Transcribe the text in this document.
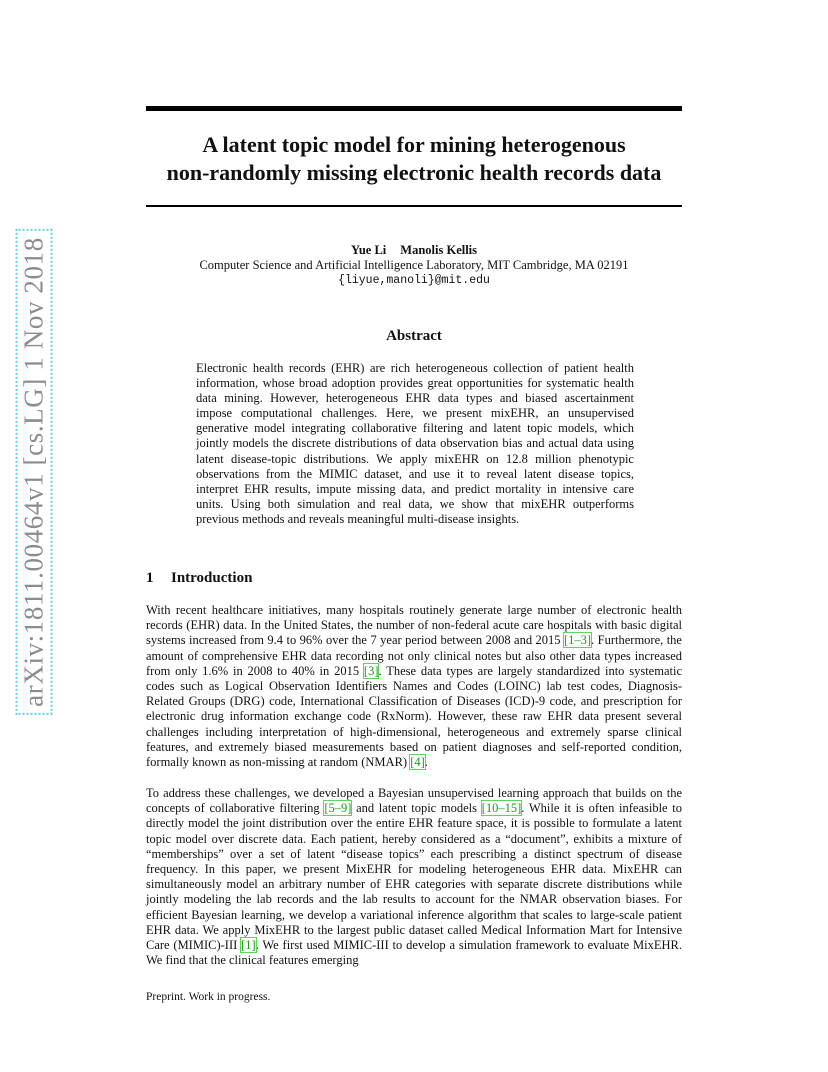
arXiv:1811.00464v1 [cs.LG] 1 Nov 2018
A latent topic model for mining heterogenous
non-randomly missing electronic health records data
Yue Li Manolis Kellis
Computer Science and Artificial Intelligence Laboratory, MIT Cambridge, MA 02191
{liyue,manoli}@mit.edu
Abstract
Electronic health records (EHR) are rich heterogeneous collection of patient health information, whose broad adoption provides great opportunities for systematic health data mining. However, heterogeneous EHR data types and biased ascertainment impose computational challenges. Here, we present mixEHR, an unsupervised generative model integrating collaborative filtering and latent topic models, which jointly models the discrete distributions of data observation bias and actual data using latent disease-topic distributions. We apply mixEHR on 12.8 million phenotypic observations from the MIMIC dataset, and use it to reveal latent disease topics, interpret EHR results, impute missing data, and predict mortality in intensive care units. Using both simulation and real data, we show that mixEHR outperforms previous methods and reveals meaningful multi-disease insights.
1 Introduction

With recent healthcare initiatives, many hospitals routinely generate large number of electronic health records (EHR) data. In the United States, the number of non-federal acute care hospitals with basic digital systems increased from 9.4 to 96% over the 7 year period between 2008 and 2015 [1–3]. Furthermore, the amount of comprehensive EHR data recording not only clinical notes but also other data types increased from only 1.6% in 2008 to 40% in 2015 [3]. These data types are largely standardized into systematic codes such as Logical Observation Identifiers Names and Codes (LOINC) lab test codes, Diagnosis-Related Groups (DRG) code, International Classification of Diseases (ICD)-9 code, and prescription for electronic drug information exchange code (RxNorm). However, these raw EHR data present several challenges including interpretation of high-dimensional, heterogeneous and extremely sparse clinical features, and extremely biased measurements based on patient diagnoses and self-reported condition, formally known as non-missing at random (NMAR) [4].

To address these challenges, we developed a Bayesian unsupervised learning approach that builds on the concepts of collaborative filtering [5–9] and latent topic models [10–15]. While it is often infeasible to directly model the joint distribution over the entire EHR feature space, it is possible to formulate a latent topic model over discrete data. Each patient, hereby considered as a “document”, exhibits a mixture of “memberships” over a set of latent “disease topics” each prescribing a distinct spectrum of disease frequency. In this paper, we present MixEHR for modeling heterogeneous EHR data. MixEHR can simultaneously model an arbitrary number of EHR categories with separate discrete distributions while jointly modeling the lab records and the lab results to account for the NMAR observation biases. For efficient Bayesian learning, we develop a variational inference algorithm that scales to large-scale patient EHR data. We apply MixEHR to the largest public dataset called Medical Information Mart for Intensive Care (MIMIC)-III [1]. We first used MIMIC-III to develop a simulation framework to evaluate MixEHR. We find that the clinical features emerging

Preprint. Work in progress.
